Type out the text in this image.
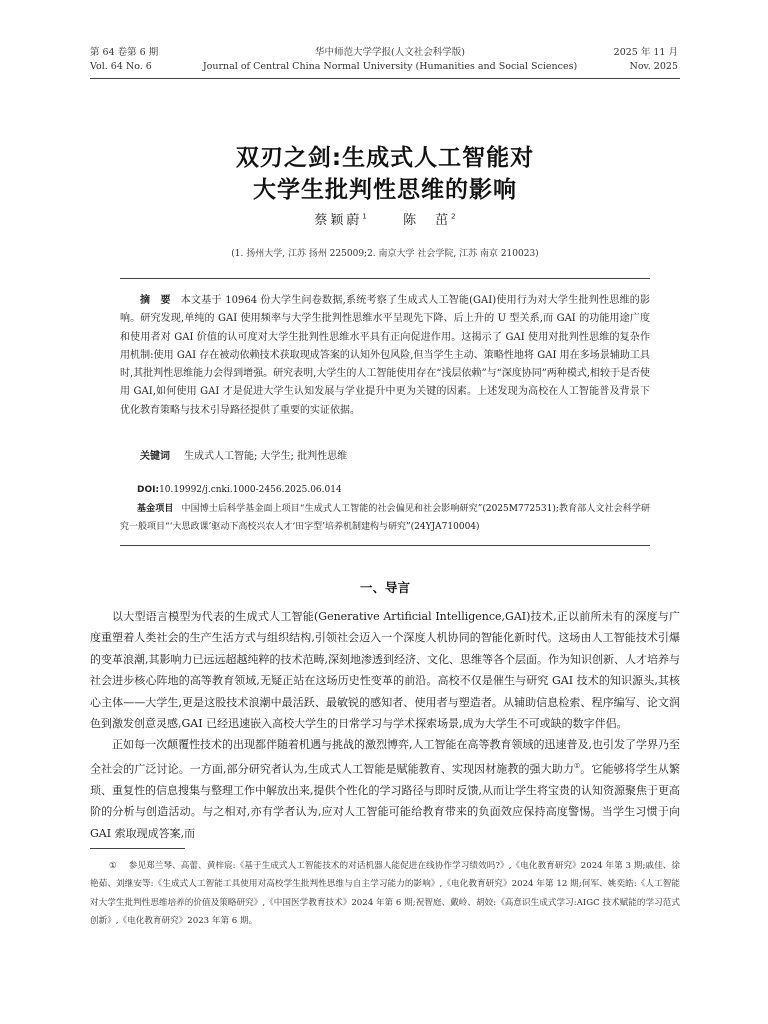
第 64 卷第 6 期
Vol. 64 No. 6
华中师范大学学报(人文社会科学版)
Journal of Central China Normal University (Humanities and Social Sciences)
2025 年 11 月
Nov. 2025
双刃之剑:生成式人工智能对
大学生批判性思维的影响
蔡颖蔚$^1$	陈　茁$^2$
(1. 扬州大学, 江苏 扬州 225009;2. 南京大学 社会学院, 江苏 南京 210023)
摘　要 本文基于 10964 份大学生问卷数据,系统考察了生成式人工智能(GAI)使用行为对大学生批判性思维的影响。研究发现,单纯的 GAI 使用频率与大学生批判性思维水平呈现先下降、后上升的 U 型关系,而 GAI 的功能用途广度和使用者对 GAI 价值的认可度对大学生批判性思维水平具有正向促进作用。这揭示了 GAI 使用对批判性思维的复杂作用机制:使用 GAI 存在被动依赖技术获取现成答案的认知外包风险,但当学生主动、策略性地将 GAI 用在多场景辅助工具时,其批判性思维能力会得到增强。研究表明,大学生的人工智能使用存在“浅层依赖”与“深度协同”两种模式,相较于是否使用 GAI,如何使用 GAI 才是促进大学生认知发展与学业提升中更为关键的因素。上述发现为高校在人工智能普及背景下优化教育策略与技术引导路径提供了重要的实证依据。
关键词 生成式人工智能; 大学生; 批判性思维
DOI:10.19992/j.cnki.1000-2456.2025.06.014
基金项目 中国博士后科学基金面上项目“生成式人工智能的社会偏见和社会影响研究”(2025M772531);教育部人文社会科学研究一般项目“‘大思政课’驱动下高校兴农人才‘田字型’培养机制建构与研究”(24YJA710004)
一、导言

以大型语言模型为代表的生成式人工智能(Generative Artificial Intelligence,GAI)技术,正以前所未有的深度与广度重塑着人类社会的生产生活方式与组织结构,引领社会迈入一个深度人机协同的智能化新时代。这场由人工智能技术引爆的变革浪潮,其影响力已远远超越纯粹的技术范畴,深刻地渗透到经济、文化、思维等各个层面。作为知识创新、人才培养与社会进步核心阵地的高等教育领域,无疑正站在这场历史性变革的前沿。高校不仅是催生与研究 GAI 技术的知识源头,其核心主体——大学生,更是这股技术浪潮中最活跃、最敏锐的感知者、使用者与塑造者。从辅助信息检索、程序编写、论文润色到激发创意灵感,GAI 已经迅速嵌入高校大学生的日常学习与学术探索场景,成为大学生不可或缺的数字伴侣。

正如每一次颠覆性技术的出现都伴随着机遇与挑战的激烈博弈,人工智能在高等教育领域的迅速普及,也引发了学界乃至全社会的广泛讨论。一方面,部分研究者认为,生成式人工智能是赋能教育、实现因材施教的强大助力①。它能够将学生从繁琐、重复性的信息搜集与整理工作中解放出来,提供个性化的学习路径与即时反馈,从而让学生将宝贵的认知资源聚焦于更高阶的分析与创造活动。与之相对,亦有学者认为,应对人工智能可能给教育带来的负面效应保持高度警惕。当学生习惯于向 GAI 索取现成答案,而

① 参见郑兰琴、高蕾、黄梓宸:《基于生成式人工智能技术的对话机器人能促进在线协作学习绩效吗?》,《电化教育研究》2024 年第 3 期;戚佳、徐艳茹、刘继安等:《生成式人工智能工具使用对高校学生批判性思维与自主学习能力的影响》,《电化教育研究》2024 年第 12 期;何军、姚奕皓:《人工智能对大学生批判性思维培养的价值及策略研究》,《中国医学教育技术》2024 年第 6 期;祝智庭、戴岭、胡姣:《高意识生成式学习:AIGC 技术赋能的学习范式创新》,《电化教育研究》2023 年第 6 期。
